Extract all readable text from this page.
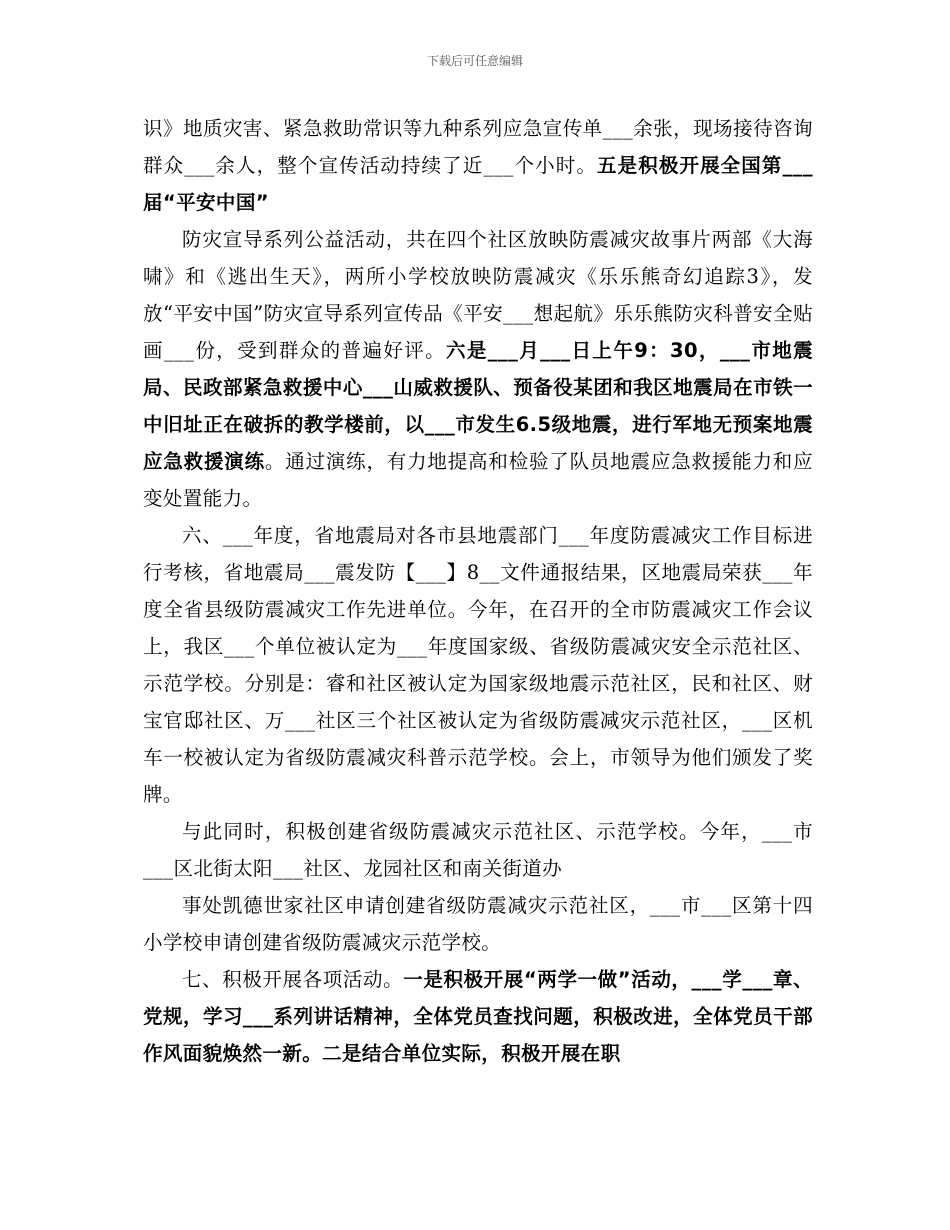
下载后可任意编辑

识》地质灾害、紧急救助常识等九种系列应急宣传单___余张，现场接待咨询群众___余人，整个宣传活动持续了近___个小时。五是积极开展全国第___届“平安中国”

防灾宣导系列公益活动，共在四个社区放映防震减灾故事片两部《大海啸》和《逃出生天》，两所小学校放映防震减灾《乐乐熊奇幻追踪3》，发放“平安中国”防灾宣导系列宣传品《平安___想起航》乐乐熊防灾科普安全贴画___份，受到群众的普遍好评。六是___月___日上午9：30，___市地震局、民政部紧急救援中心___山威救援队、预备役某团和我区地震局在市铁一中旧址正在破拆的教学楼前，以___市发生6.5级地震，进行军地无预案地震应急救援演练。通过演练，有力地提高和检验了队员地震应急救援能力和应变处置能力。

六、___年度，省地震局对各市县地震部门___年度防震减灾工作目标进行考核，省地震局___震发防【___】8__文件通报结果，区地震局荣获___年度全省县级防震减灾工作先进单位。今年，在召开的全市防震减灾工作会议上，我区___个单位被认定为___年度国家级、省级防震减灾安全示范社区、示范学校。分别是：睿和社区被认定为国家级地震示范社区，民和社区、财宝官邸社区、万___社区三个社区被认定为省级防震减灾示范社区，___区机车一校被认定为省级防震减灾科普示范学校。会上，市领导为他们颁发了奖牌。

与此同时，积极创建省级防震减灾示范社区、示范学校。今年，___市___区北街太阳___社区、龙园社区和南关街道办

事处凯德世家社区申请创建省级防震减灾示范社区，___市___区第十四小学校申请创建省级防震减灾示范学校。

七、积极开展各项活动。一是积极开展“两学一做”活动，___学___章、党规，学习___系列讲话精神，全体党员查找问题，积极改进，全体党员干部作风面貌焕然一新。二是结合单位实际，积极开展在职
